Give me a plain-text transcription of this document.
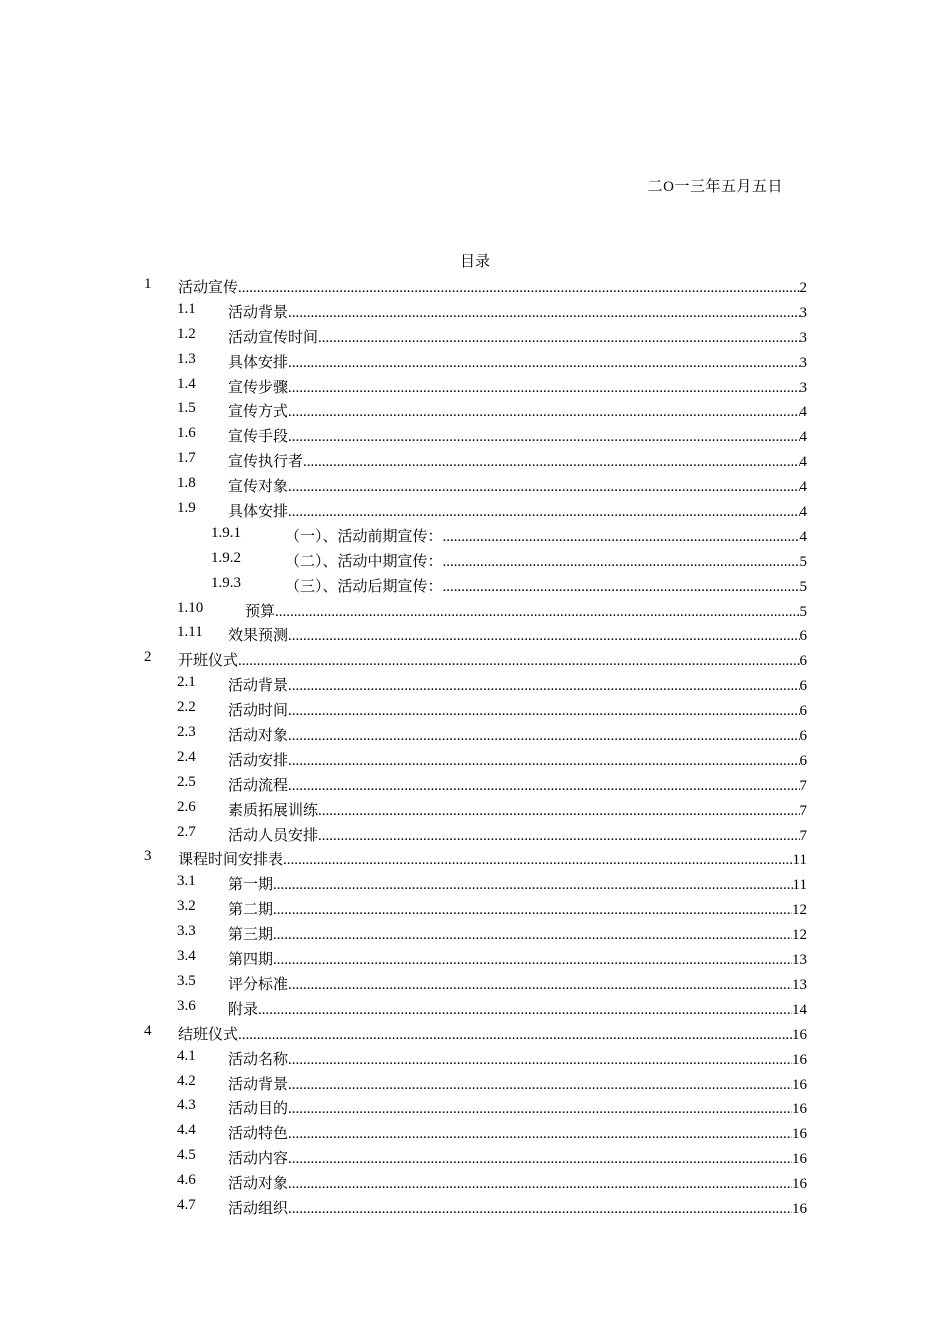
二O一三年五月五日
目录
1 活动宣传 .....	2
1.1 活动背景 .....	3
1.2 活动宣传时间 .....	3
1.3 具体安排 .....	3
1.4 宣传步骤 .....	3
1.5 宣传方式 .....	4
1.6 宣传手段 .....	4
1.7 宣传执行者 .....	4
1.8 宣传对象 .....	4
1.9 具体安排 .....	4
1.9.1	（一）、活动前期宣传： .....	4
1.9.2	（二）、活动中期宣传： .....	5
1.9.3	（三）、活动后期宣传： .....	5
1.10	预算 .....	5
1.11 效果预测 .....	6
2 开班仪式 .....	6
2.1 活动背景 .....	6
2.2 活动时间 .....	6
2.3 活动对象 .....	6
2.4 活动安排 .....	6
2.5 活动流程 .....	7
2.6 素质拓展训练 .....	7
2.7 活动人员安排 .....	7
3 课程时间安排表 .....	11
3.1 第一期 .....	11
3.2 第二期 .....	12
3.3 第三期 .....	12
3.4 第四期 .....	13
3.5 评分标准 .....	13
3.6 附录 .....	14
4 结班仪式 .....	16
4.1 活动名称 .....	16
4.2 活动背景 .....	16
4.3 活动目的 .....	16
4.4 活动特色 .....	16
4.5 活动内容 .....	16
4.6 活动对象 .....	16
4.7 活动组织 .....	16
